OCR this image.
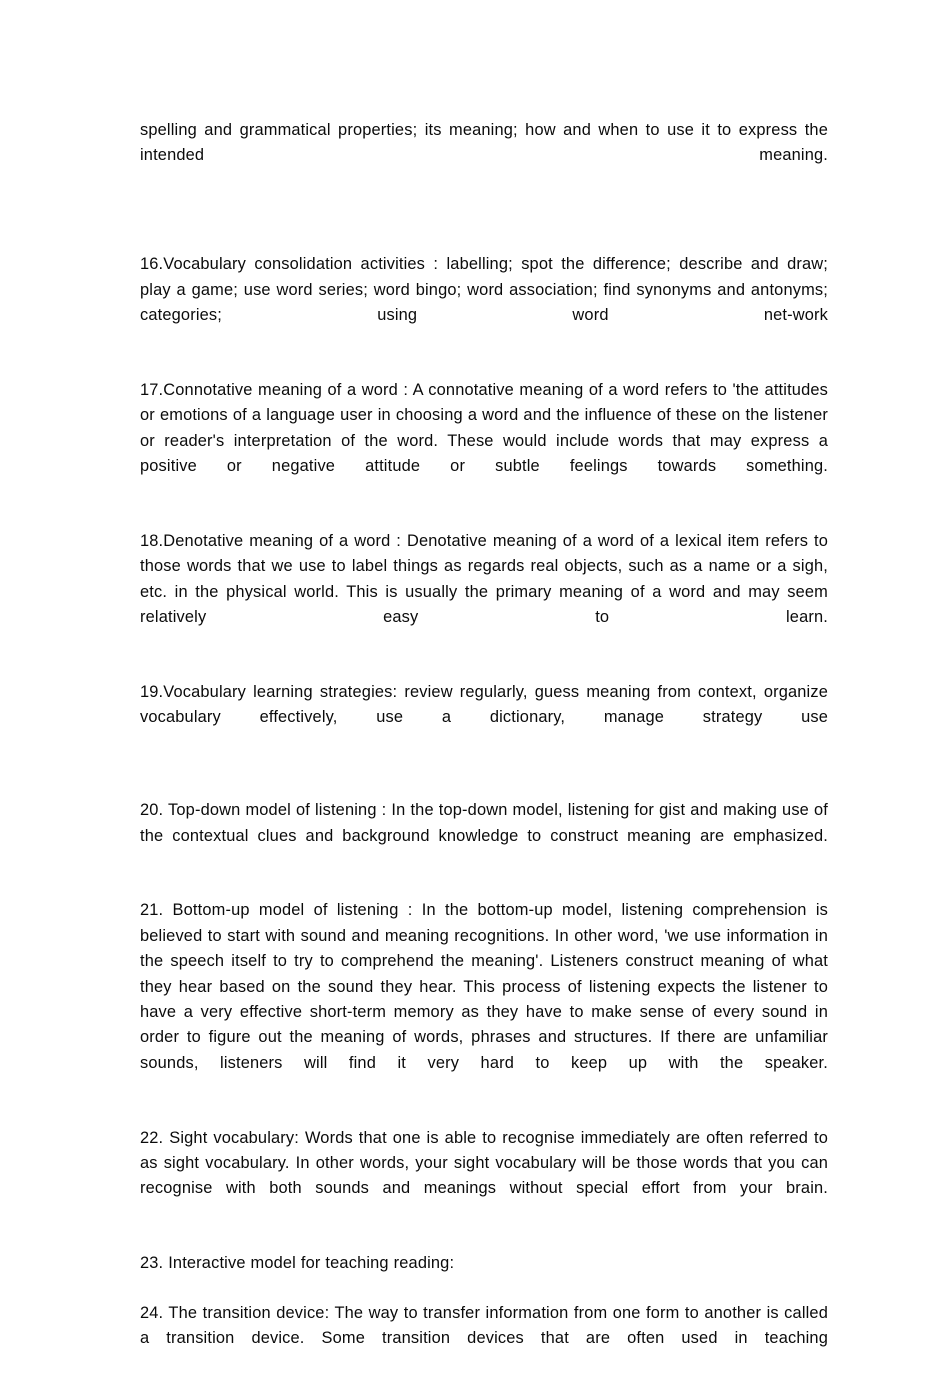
spelling and grammatical properties; its meaning; how and when to use it to express the intended meaning.

16.Vocabulary consolidation activities : labelling; spot the difference; describe and draw; play a game; use word series; word bingo; word association; find synonyms and antonyms; categories; using word net-work

17.Connotative meaning of a word : A connotative meaning of a word refers to 'the attitudes or emotions of a language user in choosing a word and the influence of these on the listener or reader's interpretation of the word. These would include words that may express a positive or negative attitude or subtle feelings towards something.

18.Denotative meaning of a word : Denotative meaning of a word of a lexical item refers to those words that we use to label things as regards real objects, such as a name or a sigh, etc. in the physical world. This is usually the primary meaning of a word and may seem relatively easy to learn.

19.Vocabulary learning strategies: review regularly, guess meaning from context, organize vocabulary effectively, use a dictionary, manage strategy use

20. Top-down model of listening : In the top-down model, listening for gist and making use of the contextual clues and background knowledge to construct meaning are emphasized.

21. Bottom-up model of listening : In the bottom-up model, listening comprehension is believed to start with sound and meaning recognitions. In other word, 'we use information in the speech itself to try to comprehend the meaning'. Listeners construct meaning of what they hear based on the sound they hear. This process of listening expects the listener to have a very effective short-term memory as they have to make sense of every sound in order to figure out the meaning of words, phrases and structures. If there are unfamiliar sounds, listeners will find it very hard to keep up with the speaker.

22. Sight vocabulary: Words that one is able to recognise immediately are often referred to as sight vocabulary. In other words, your sight vocabulary will be those words that you can recognise with both sounds and meanings without special effort from your brain.

23. Interactive model for teaching reading:

24. The transition device: The way to transfer information from one form to another is called a transition device. Some transition devices that are often used in teaching
